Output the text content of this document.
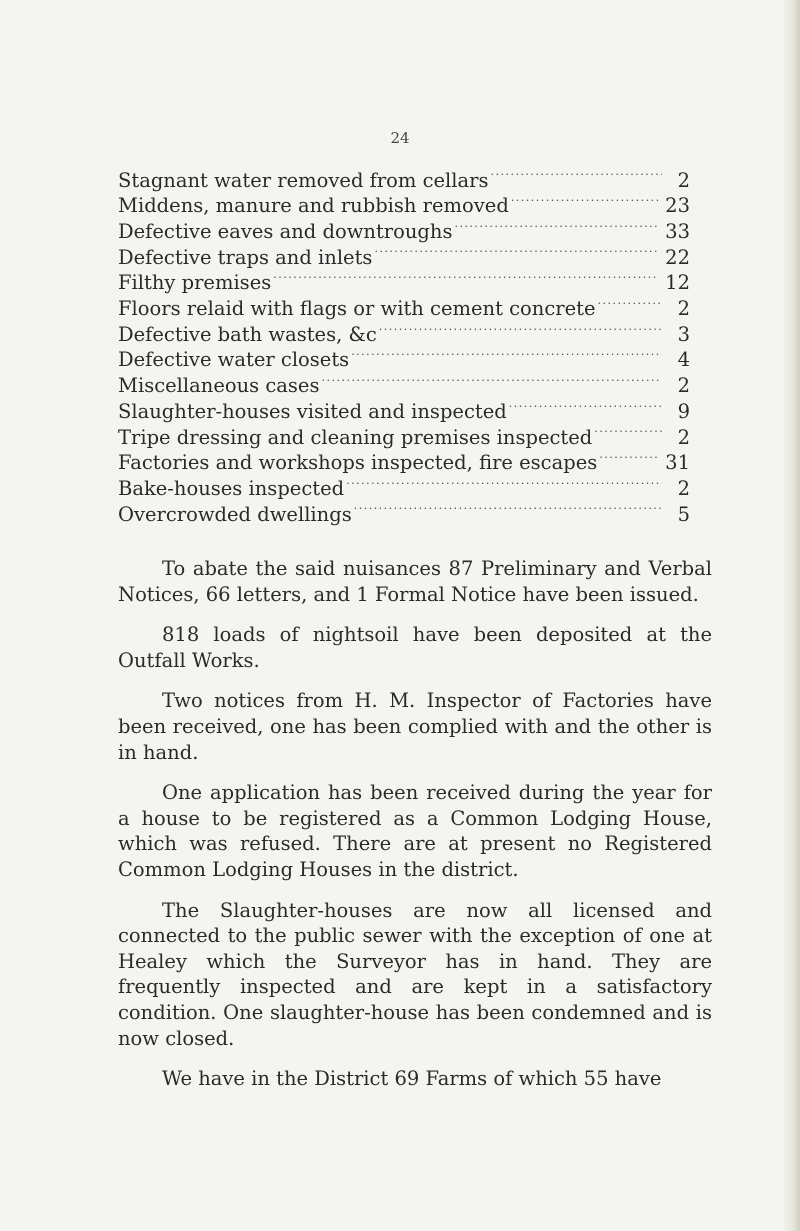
24
Stagnant water removed from cellars . . .	2
Middens, manure and rubbish removed . . .	23
Defective eaves and downtroughs . . .	33
Defective traps and inlets . . .	22
Filthy premises . . .	12
Floors relaid with flags or with cement concrete . . .	2
Defective bath wastes, &c . . .	3
Defective water closets . . .	4
Miscellaneous cases . . .	2
Slaughter-houses visited and inspected . . .	9
Tripe dressing and cleaning premises inspected . . .	2
Factories and workshops inspected, fire escapes . . .	31
Bake-houses inspected . . .	2
Overcrowded dwellings . . .	5

To abate the said nuisances 87 Preliminary and Verbal Notices, 66 letters, and 1 Formal Notice have been issued.

818 loads of nightsoil have been deposited at the Outfall Works.

Two notices from H. M. Inspector of Factories have been received, one has been complied with and the other is in hand.

One application has been received during the year for a house to be registered as a Common Lodging House, which was refused. There are at present no Registered Common Lodging Houses in the district.

The Slaughter-houses are now all licensed and connected to the public sewer with the exception of one at Healey which the Surveyor has in hand. They are frequently inspected and are kept in a satisfactory condition. One slaughter-house has been condemned and is now closed.

We have in the District 69 Farms of which 55 have
